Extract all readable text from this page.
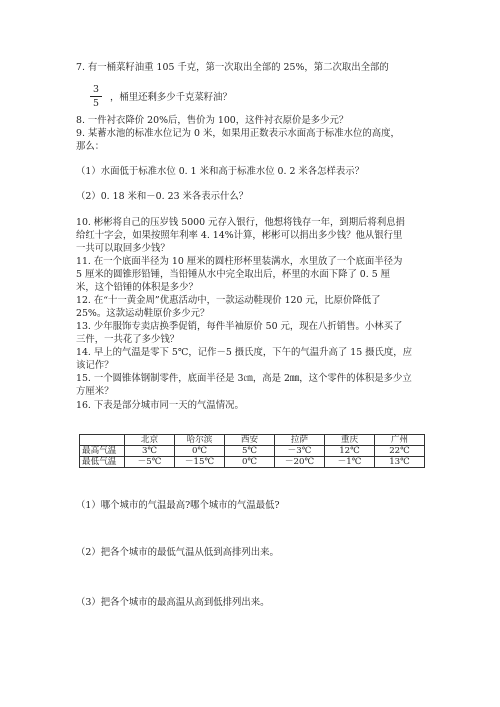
7. 有一桶菜籽油重 105 千克，第一次取出全部的 25%，第二次取出全部的
3
5
，桶里还剩多少千克菜籽油？
8. 一件衬衣降价 20%后，售价为 100，这件衬衣原价是多少元？
9. 某蓄水池的标准水位记为 0 米，如果用正数表示水面高于标准水位的高度，
那么：
（1）水面低于标准水位 0. 1 米和高于标准水位 0. 2 米各怎样表示？
（2）0. 18 米和－0. 23 米各表示什么？
10. 彬彬将自己的压岁钱 5000 元存入银行，他想将钱存一年，到期后将利息捐
给红十字会，如果按照年利率 4. 14%计算，彬彬可以捐出多少钱？他从银行里
一共可以取回多少钱？
11. 在一个底面半径为 10 厘米的圆柱形杯里装满水，水里放了一个底面半径为
5 厘米的圆锥形铅锤，当铅锤从水中完全取出后，杯里的水面下降了 0. 5 厘
米，这个铅锤的体积是多少？
12. 在“十一黄金周”优惠活动中，一款运动鞋现价 120 元，比原价降低了
25%。这款运动鞋原价多少元？
13. 少年服饰专卖店换季促销，每件半袖原价 50 元，现在八折销售。小林买了
三件，一共花了多少钱？
14. 早上的气温是零下 5℃，记作－5 摄氏度，下午的气温升高了 15 摄氏度，应
该记作？
15. 一个圆锥体钢制零件，底面半径是 3㎝，高是 2㎜，这个零件的体积是多少立
方厘米？
16. 下表是部分城市同一天的气温情况。
	北京	哈尔滨	西安	拉萨	重庆	广州
最高气温	3℃	0℃	5℃	－3℃	12℃	22℃
最低气温	－5℃	－15℃	0℃	－20℃	－1℃	13℃
（1）哪个城市的气温最高?哪个城市的气温最低?
（2）把各个城市的最低气温从低到高排列出来。
（3）把各个城市的最高温从高到低排列出来。
